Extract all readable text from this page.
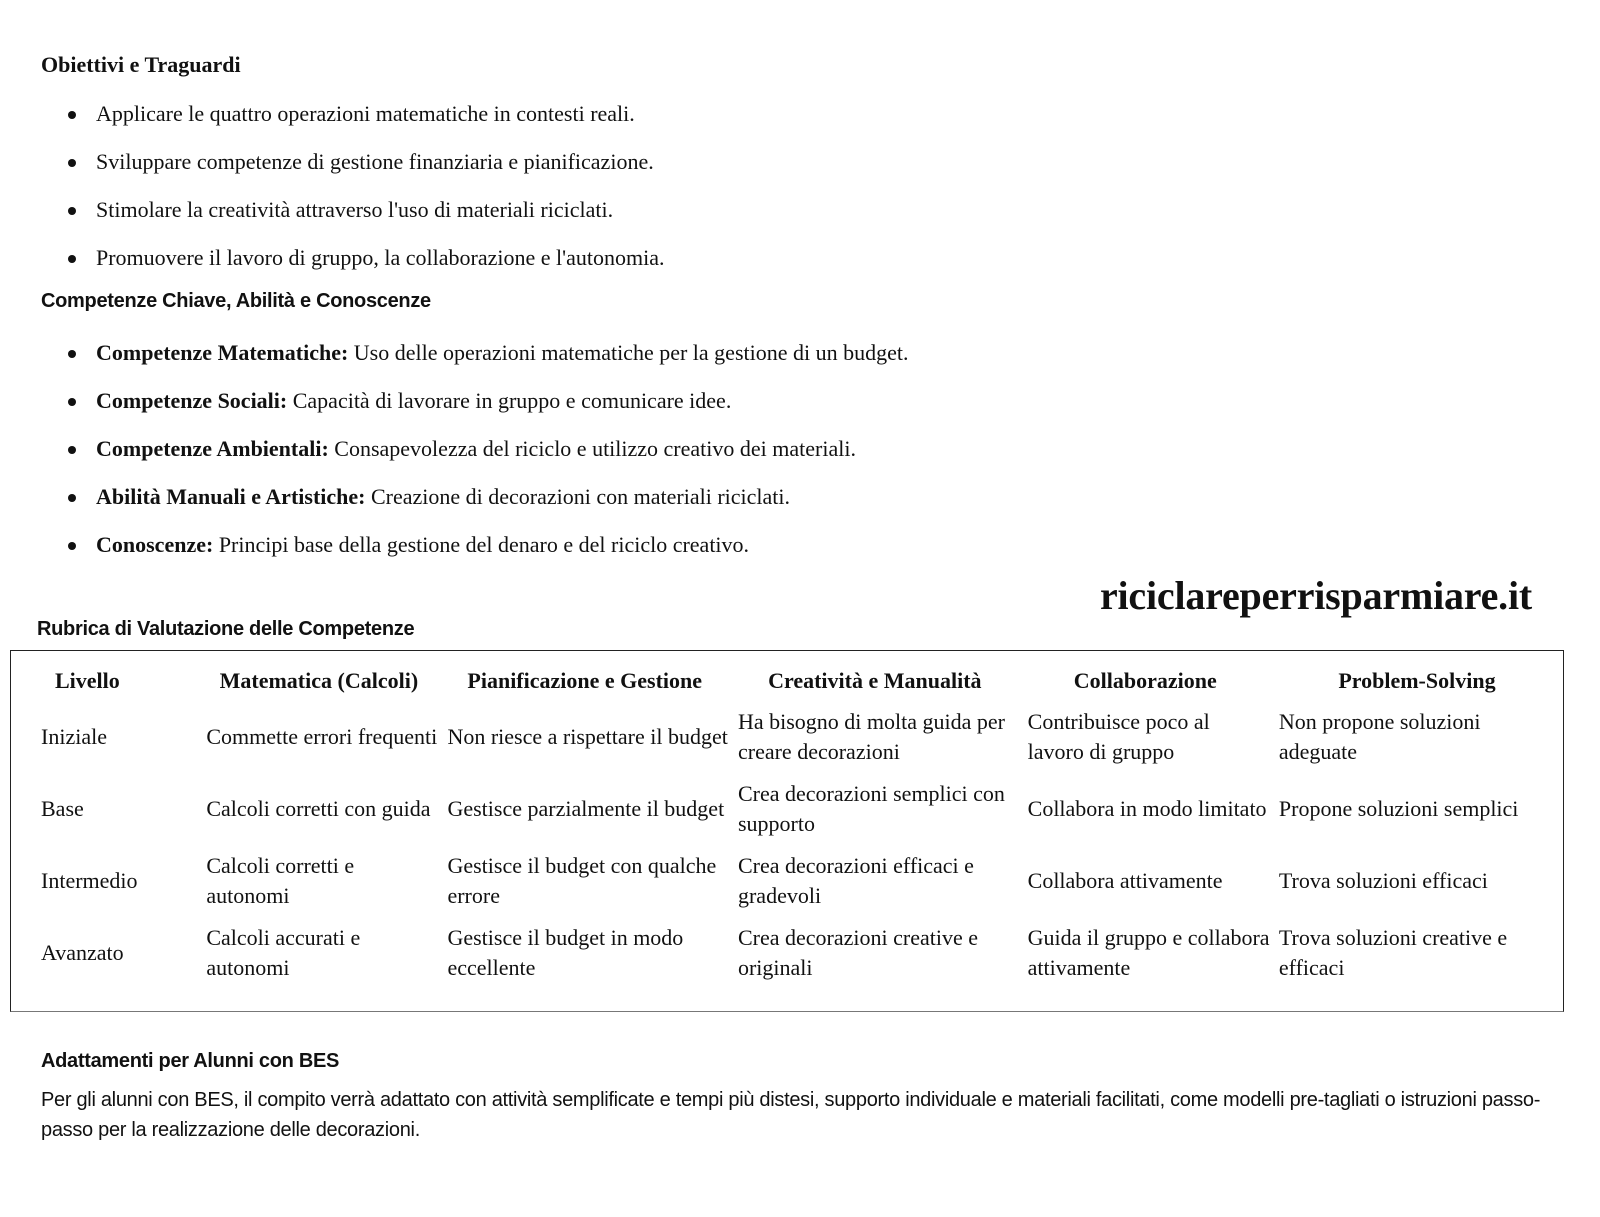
Obiettivi e Traguardi
Applicare le quattro operazioni matematiche in contesti reali.
Sviluppare competenze di gestione finanziaria e pianificazione.
Stimolare la creatività attraverso l'uso di materiali riciclati.
Promuovere il lavoro di gruppo, la collaborazione e l'autonomia.
Competenze Chiave, Abilità e Conoscenze
Competenze Matematiche: Uso delle operazioni matematiche per la gestione di un budget.
Competenze Sociali: Capacità di lavorare in gruppo e comunicare idee.
Competenze Ambientali: Consapevolezza del riciclo e utilizzo creativo dei materiali.
Abilità Manuali e Artistiche: Creazione di decorazioni con materiali riciclati.
Conoscenze: Principi base della gestione del denaro e del riciclo creativo.
riciclareperrisparmiare.it
Rubrica di Valutazione delle Competenze
Livello	Matematica (Calcoli)	Pianificazione e Gestione	Creatività e Manualità	Collaborazione	Problem-Solving
Iniziale	Commette errori frequenti	Non riesce a rispettare il budget	Ha bisogno di molta guida per creare decorazioni	Contribuisce poco al lavoro di gruppo	Non propone soluzioni adeguate
Base	Calcoli corretti con guida	Gestisce parzialmente il budget	Crea decorazioni semplici con supporto	Collabora in modo limitato	Propone soluzioni semplici
Intermedio	Calcoli corretti e autonomi	Gestisce il budget con qualche errore	Crea decorazioni efficaci e gradevoli	Collabora attivamente	Trova soluzioni efficaci
Avanzato	Calcoli accurati e autonomi	Gestisce il budget in modo eccellente	Crea decorazioni creative e originali	Guida il gruppo e collabora attivamente	Trova soluzioni creative e efficaci
Adattamenti per Alunni con BES
Per gli alunni con BES, il compito verrà adattato con attività semplificate e tempi più distesi, supporto individuale e materiali facilitati, come modelli pre-tagliati o istruzioni passo-passo per la realizzazione delle decorazioni.
